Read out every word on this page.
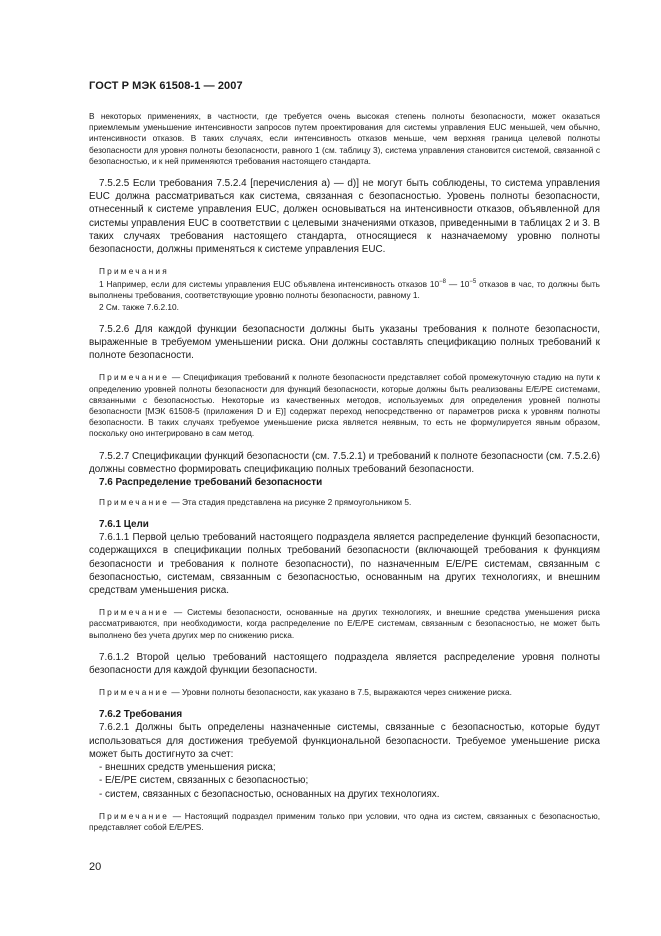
ГОСТ Р МЭК 61508-1 — 2007

В некоторых применениях, в частности, где требуется очень высокая степень полноты безопасности, может оказаться приемлемым уменьшение интенсивности запросов путем проектирования для системы управления EUC меньшей, чем обычно, интенсивности отказов. В таких случаях, если интенсивность отказов меньше, чем верхняя граница целевой полноты безопасности для уровня полноты безопасности, равного 1 (см. таблицу 3), система управления становится системой, связанной с безопасностью, и к ней применяются требования настоящего стандарта.

7.5.2.5 Если требования 7.5.2.4 [перечисления а) — d)] не могут быть соблюдены, то система управления EUC должна рассматриваться как система, связанная с безопасностью. Уровень полноты безопасности, отнесенный к системе управления EUC, должен основываться на интенсивности отказов, объявленной для системы управления EUC в соответствии с целевыми значениями отказов, приведенными в таблицах 2 и 3. В таких случаях требования настоящего стандарта, относящиеся к назначаемому уровню полноты безопасности, должны применяться к системе управления EUC.

Примечания

1 Например, если для системы управления EUC объявлена интенсивность отказов $10^{-8}$ — $10^{-5}$ отказов в час, то должны быть выполнены требования, соответствующие уровню полноты безопасности, равному 1.

2 См. также 7.6.2.10.

7.5.2.6 Для каждой функции безопасности должны быть указаны требования к полноте безопасности, выраженные в требуемом уменьшении риска. Они должны составлять спецификацию полных требований к полноте безопасности.

Примечание — Спецификация требований к полноте безопасности представляет собой промежуточную стадию на пути к определению уровней полноты безопасности для функций безопасности, которые должны быть реализованы E/E/PE системами, связанными с безопасностью. Некоторые из качественных методов, используемых для определения уровней полноты безопасности [МЭК 61508-5 (приложения D и Е)] содержат переход непосредственно от параметров риска к уровням полноты безопасности. В таких случаях требуемое уменьшение риска является неявным, то есть не формулируется явным образом, поскольку оно интегрировано в сам метод.

7.5.2.7 Спецификации функций безопасности (см. 7.5.2.1) и требований к полноте безопасности (см. 7.5.2.6) должны совместно формировать спецификацию полных требований безопасности.

7.6 Распределение требований безопасности

Примечание — Эта стадия представлена на рисунке 2 прямоугольником 5.

7.6.1 Цели

7.6.1.1 Первой целью требований настоящего подраздела является распределение функций безопасности, содержащихся в спецификации полных требований безопасности (включающей требования к функциям безопасности и требования к полноте безопасности), по назначенным E/E/PE системам, связанным с безопасностью, системам, связанным с безопасностью, основанным на других технологиях, и внешним средствам уменьшения риска.

Примечание — Системы безопасности, основанные на других технологиях, и внешние средства уменьшения риска рассматриваются, при необходимости, когда распределение по E/E/PE системам, связанным с безопасностью, не может быть выполнено без учета других мер по снижению риска.

7.6.1.2 Второй целью требований настоящего подраздела является распределение уровня полноты безопасности для каждой функции безопасности.

Примечание — Уровни полноты безопасности, как указано в 7.5, выражаются через снижение риска.

7.6.2 Требования

7.6.2.1 Должны быть определены назначенные системы, связанные с безопасностью, которые будут использоваться для достижения требуемой функциональной безопасности. Требуемое уменьшение риска может быть достигнуто за счет:

- внешних средств уменьшения риска;

- E/E/PE систем, связанных с безопасностью;

- систем, связанных с безопасностью, основанных на других технологиях.

Примечание — Настоящий подраздел применим только при условии, что одна из систем, связанных с безопасностью, представляет собой E/E/PES.

20
